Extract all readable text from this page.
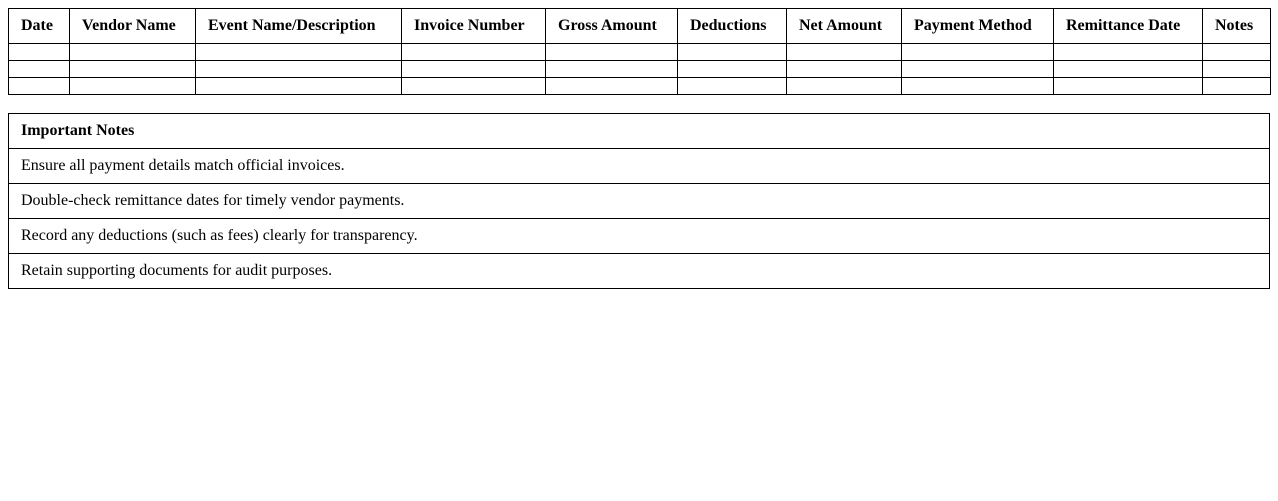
Date	Vendor Name	Event Name/Description	Invoice Number	Gross Amount	Deductions	Net Amount	Payment Method	Remittance Date	Notes

Important Notes
Ensure all payment details match official invoices.
Double-check remittance dates for timely vendor payments.
Record any deductions (such as fees) clearly for transparency.
Retain supporting documents for audit purposes.
